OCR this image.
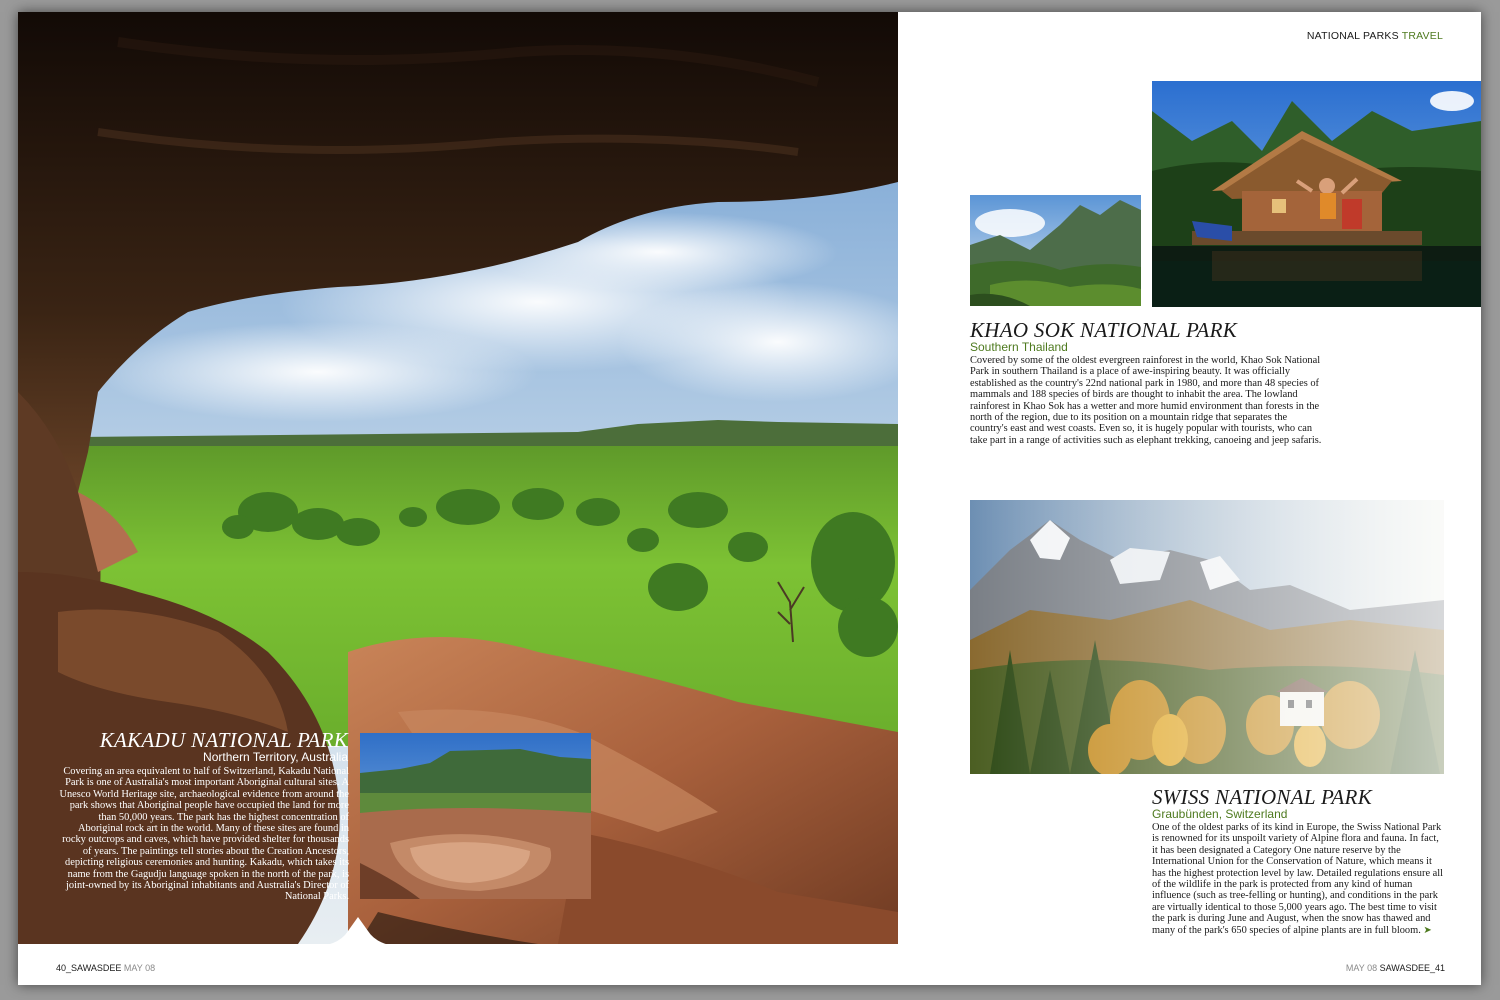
KAKADU NATIONAL PARK
Northern Territory, Australia
Covering an area equivalent to half of Switzerland, Kakadu National Park is one of Australia's most important Aboriginal cultural sites. A Unesco World Heritage site, archaeological evidence from around the park shows that Aboriginal people have occupied the land for more than 50,000 years. The park has the highest concentration of Aboriginal rock art in the world. Many of these sites are found in rocky outcrops and caves, which have provided shelter for thousands of years. The paintings tell stories about the Creation Ancestors, depicting religious ceremonies and hunting. Kakadu, which takes its name from the Gagudju language spoken in the north of the park, is joint-owned by its Aboriginal inhabitants and Australia's Director of National Parks.
NATIONAL PARKS TRAVEL
KHAO SOK NATIONAL PARK
Southern Thailand
Covered by some of the oldest evergreen rainforest in the world, Khao Sok National Park in southern Thailand is a place of awe-inspiring beauty. It was officially established as the country's 22nd national park in 1980, and more than 48 species of mammals and 188 species of birds are thought to inhabit the area. The lowland rainforest in Khao Sok has a wetter and more humid environment than forests in the north of the region, due to its position on a mountain ridge that separates the country's east and west coasts. Even so, it is hugely popular with tourists, who can take part in a range of activities such as elephant trekking, canoeing and jeep safaris.
SWISS NATIONAL PARK
Graubünden, Switzerland
One of the oldest parks of its kind in Europe, the Swiss National Park is renowned for its unspoilt variety of Alpine flora and fauna. In fact, it has been designated a Category One nature reserve by the International Union for the Conservation of Nature, which means it has the highest protection level by law. Detailed regulations ensure all of the wildlife in the park is protected from any kind of human influence (such as tree-felling or hunting), and conditions in the park are virtually identical to those 5,000 years ago. The best time to visit the park is during June and August, when the snow has thawed and many of the park's 650 species of alpine plants are in full bloom. ➤
40_SAWASDEE MAY 08	MAY 08 SAWASDEE_41
